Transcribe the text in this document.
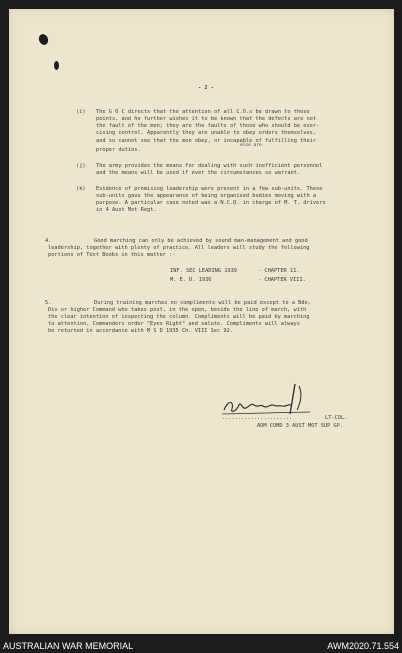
- 2 -
(i) The G O C directs that the attention of all C.O.s be drawn to these
points, and he further wishes it to be known that the defects are not
the fault of the men; they are the faults of those who should be exer-
cising control. Apparently they are unable to obey orders themselves,
and so cannot see that the men obey, or incapable of fulfilling their
else are
proper duties.
(j) The army provides the means for dealing with such inefficient personnel
and the means will be used if ever the circumstances so warrant.
(k) Evidence of promising leadership were present in a few sub-units. These
sub-units gave the appearance of being organised bodies moving with a
purpose. A particular case noted was a N.C.O. in charge of M. T. drivers
in 4 Aust Mot Regt.
4.	Good marching can only be achieved by sound man-management and good
leadership, together with plenty of practice. All leaders will study the following
portions of Text Books in this matter :-
INF. SEC LEADING 1939	- CHAPTER 11.
M. E. D. 1936	- CHAPTER VIII.
5.	During training marches no compliments will be paid except to a Bde,
Div or higher Command who takes post, in the open, beside the line of march, with
the clear intention of inspecting the column. Compliments will be paid by marching
to attention, Commanders order "Eyes Right" and salute. Compliments will always
be returned in accordance with M S D 1935 Ch. VIII Sec 92.
......................	LT-COL.
ADM COMD 3 AUST MOT SUP GP.
AUSTRALIAN WAR MEMORIAL	AWM2020.71.554
